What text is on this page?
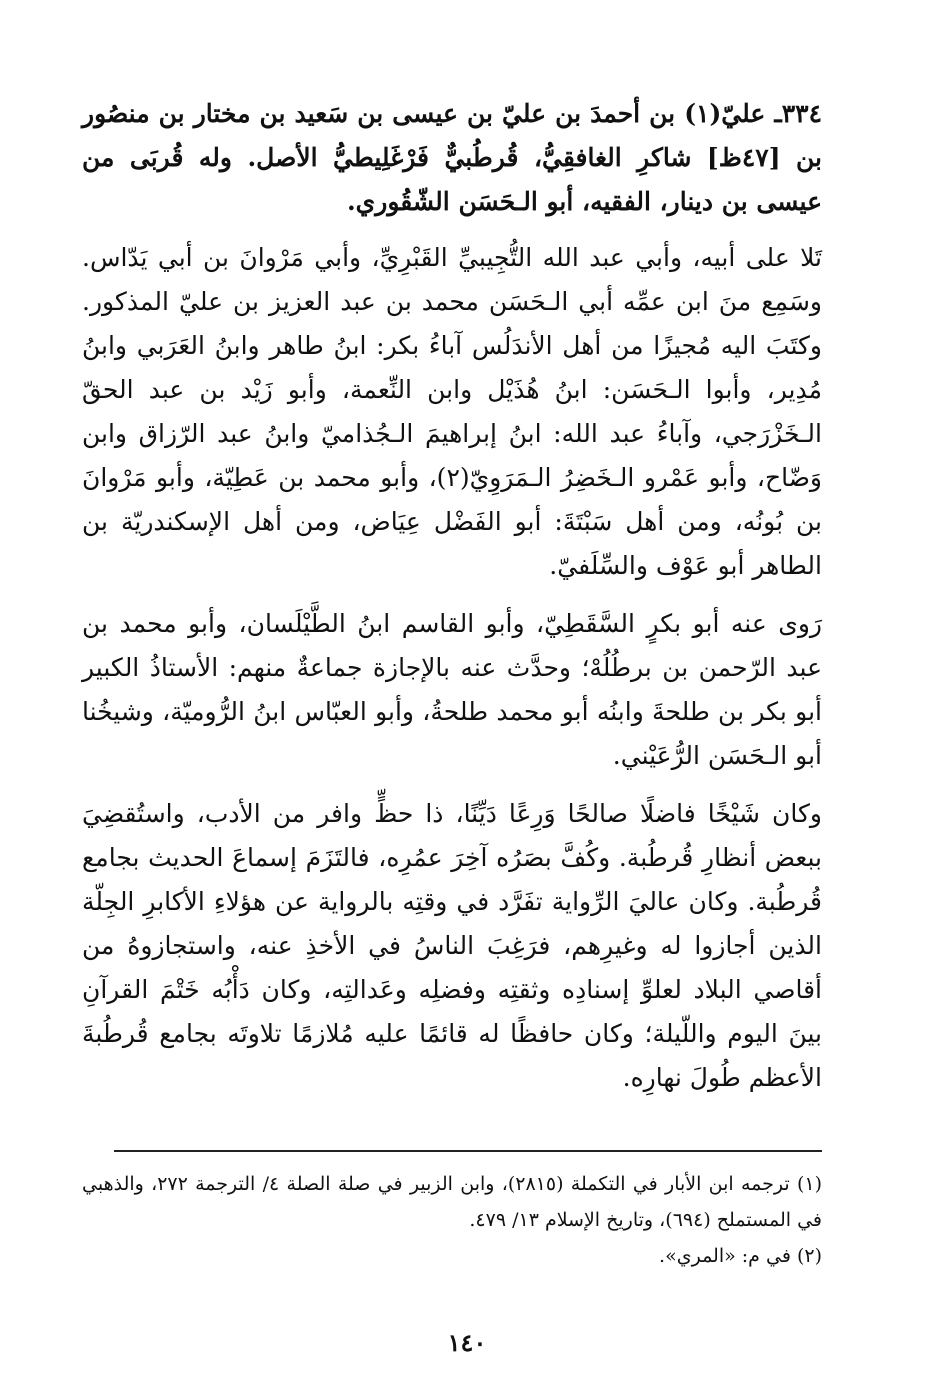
٣٣٤ـ عليّ(١) بن أحمدَ بن عليّ بن عيسى بن سَعيد بن مختار بن منصُور بن [٤٧ظ] شاكرِ الغافقِيُّ، قُرطُبيٌّ فَرْغَلِيطيُّ الأصل. وله قُربَى من عيسى بن دينار، الفقيه، أبو الـحَسَن الشّقُوري.

تَلا على أبيه، وأبي عبد الله التُّجِيبيِّ القَبْرِيِّ، وأبي مَرْوانَ بن أبي يَدّاس. وسَمِع منَ ابن عمِّه أبي الـحَسَن محمد بن عبد العزيز بن عليّ المذكور. وكتَبَ اليه مُجيزًا من أهل الأندَلُس آباءُ بكر: ابنُ طاهر وابنُ العَرَبي وابنُ مُدِير، وأبوا الـحَسَن: ابنُ هُذَيْل وابن النِّعمة، وأبو زَيْد بن عبد الحقّ الـخَزْرَجي، وآباءُ عبد الله: ابنُ إبراهيمَ الـجُذاميّ وابنُ عبد الرّزاق وابن وَضّاح، وأبو عَمْرو الـخَضِرُ الـمَرَوِيّ(٢)، وأبو محمد بن عَطِيّة، وأبو مَرْوانَ بن بُونُه، ومن أهل سَبْتَةَ: أبو الفَضْل عِيَاض، ومن أهل الإسكندريّة بن الطاهر أبو عَوْف والسِّلَفيّ.

رَوى عنه أبو بكرٍ السَّقَطِيّ، وأبو القاسم ابنُ الطَّيْلَسان، وأبو محمد بن عبد الرّحمن بن برطُلُهْ؛ وحدَّث عنه بالإجازة جماعةٌ منهم: الأستاذُ الكبير أبو بكر بن طلحةَ وابنُه أبو محمد طلحةُ، وأبو العبّاس ابنُ الرُّوميّة، وشيخُنا أبو الـحَسَن الرُّعَيْني.

وكان شَيْخًا فاضلًا صالحًا وَرِعًا دَيِّنًا، ذا حظٍّ وافر من الأدب، واستُقضِيَ ببعض أنظارِ قُرطُبة. وكُفَّ بصَرُه آخِرَ عمُرِه، فالتَزَمَ إسماعَ الحديث بجامع قُرطُبة. وكان عاليَ الرِّواية تفَرَّد في وقتِه بالرواية عن هؤلاءِ الأكابرِ الجِلّة الذين أجازوا له وغيرِهم، فرَغِبَ الناسُ في الأخذِ عنه، واستجازوهُ من أقاصي البلاد لعلوِّ إسنادِه وثقتِه وفضلِه وعَدالتِه، وكان دَأْبُه خَتْمَ القرآنِ بينَ اليوم واللّيلة؛ وكان حافظًا له قائمًا عليه مُلازمًا تلاوتَه بجامع قُرطُبةَ الأعظم طُولَ نهارِه.

(١) ترجمه ابن الأبار في التكملة (٢٨١٥)، وابن الزبير في صلة الصلة ٤/ الترجمة ٢٧٢، والذهبي في المستملح (٦٩٤)، وتاريخ الإسلام ١٣/ ٤٧٩.

(٢) في م: «المري».

١٤٠
